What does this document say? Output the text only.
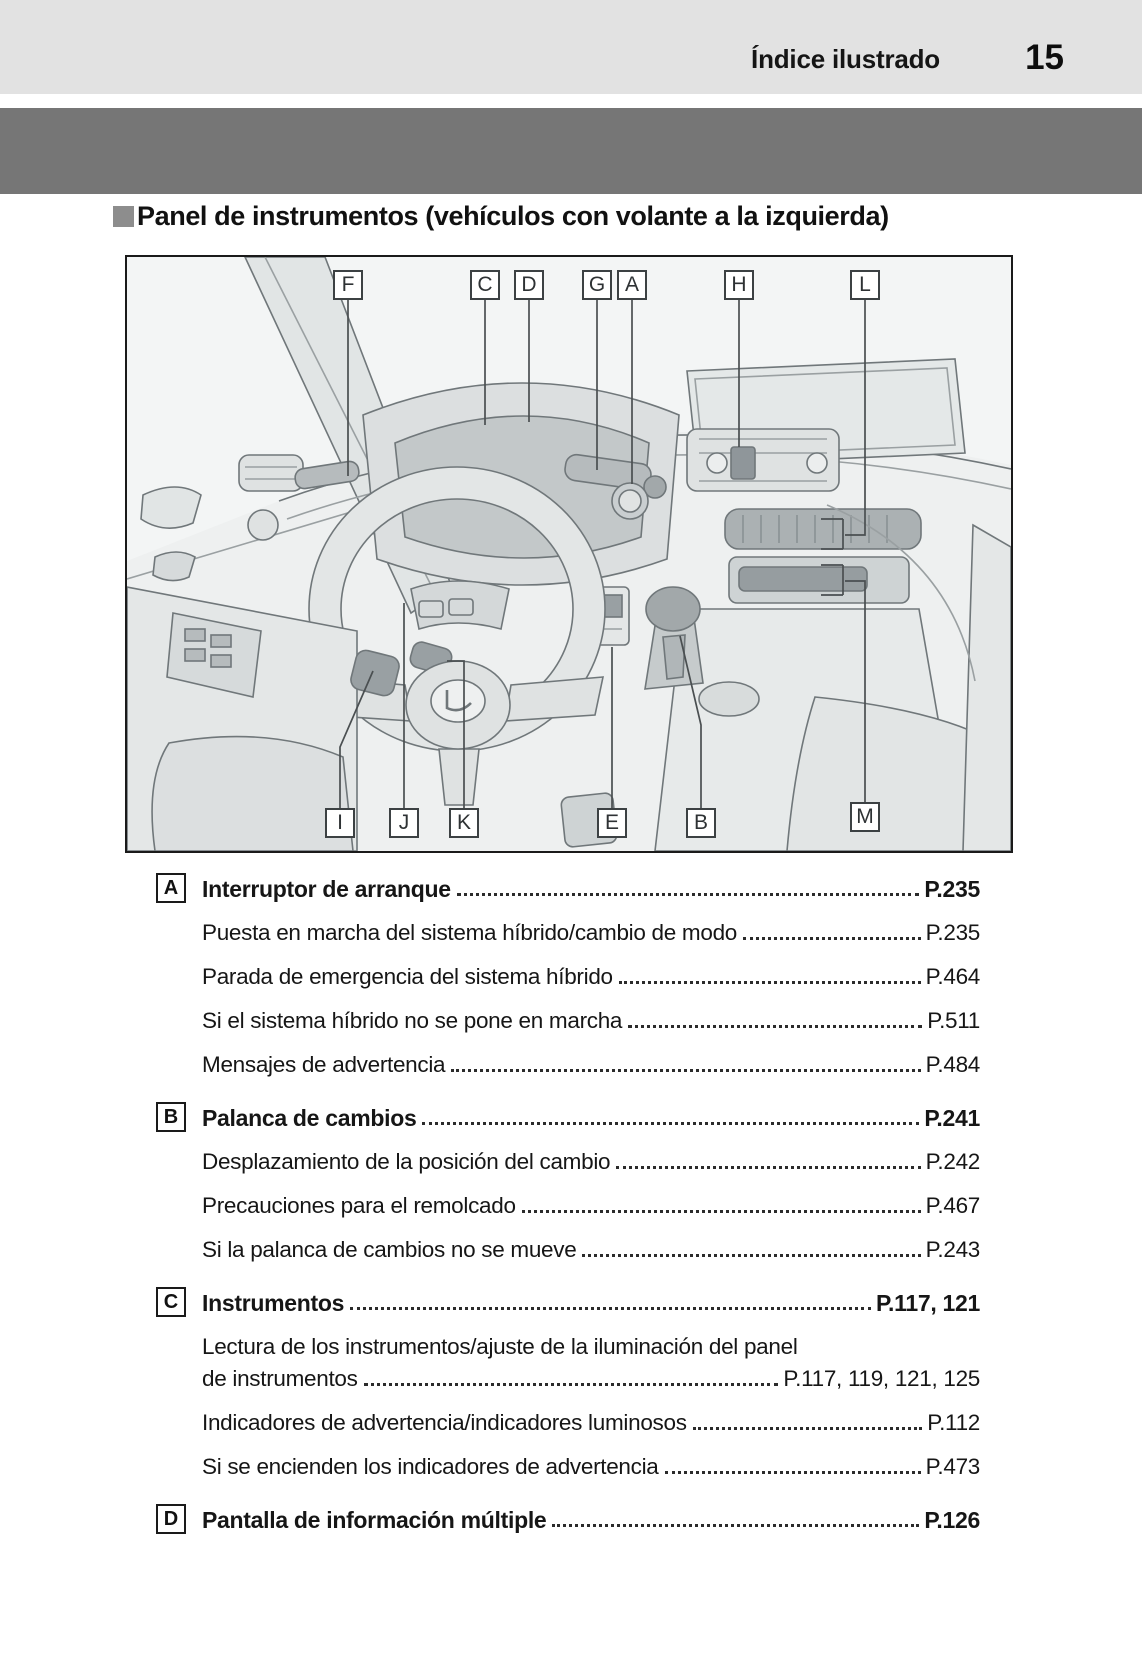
Índice ilustrado 15
Panel de instrumentos (vehículos con volante a la izquierda)
F	C	D	G A	H	L
I	J	K	E	B	M
A	Interruptor de arranque	P.235
Puesta en marcha del sistema híbrido/cambio de modo	P.235
Parada de emergencia del sistema híbrido	P.464
Si el sistema híbrido no se pone en marcha	P.511
Mensajes de advertencia	P.484
B	Palanca de cambios	P.241
Desplazamiento de la posición del cambio	P.242
Precauciones para el remolcado	P.467
Si la palanca de cambios no se mueve	P.243
C	Instrumentos	P.117, 121
Lectura de los instrumentos/ajuste de la iluminación del panel
de instrumentos	P.117, 119, 121, 125
Indicadores de advertencia/indicadores luminosos	P.112
Si se encienden los indicadores de advertencia	P.473
D	Pantalla de información múltiple	P.126
